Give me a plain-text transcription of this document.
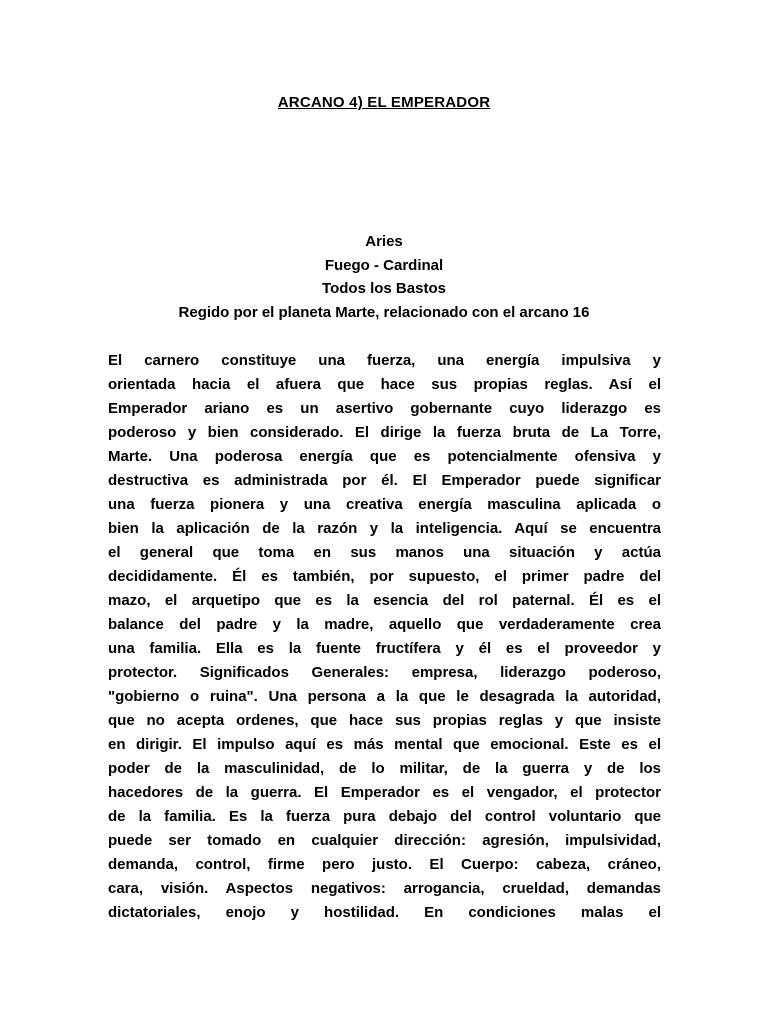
ARCANO 4) EL EMPERADOR
Aries
Fuego - Cardinal
Todos los Bastos
Regido por el planeta Marte, relacionado con el arcano 16
El carnero constituye una fuerza, una energía impulsiva y
orientada hacia el afuera que hace sus propias reglas. Así el
Emperador ariano es un asertivo gobernante cuyo liderazgo es
poderoso y bien considerado. El dirige la fuerza bruta de La Torre,
Marte. Una poderosa energía que es potencialmente ofensiva y
destructiva es administrada por él. El Emperador puede significar
una fuerza pionera y una creativa energía masculina aplicada o
bien la aplicación de la razón y la inteligencia. Aquí se encuentra
el general que toma en sus manos una situación y actúa
decididamente. Él es también, por supuesto, el primer padre del
mazo, el arquetipo que es la esencia del rol paternal. Él es el
balance del padre y la madre, aquello que verdaderamente crea
una familia. Ella es la fuente fructífera y él es el proveedor y
protector. Significados Generales: empresa, liderazgo poderoso,
"gobierno o ruina". Una persona a la que le desagrada la autoridad,
que no acepta ordenes, que hace sus propias reglas y que insiste
en dirigir. El impulso aquí es más mental que emocional. Este es el
poder de la masculinidad, de lo militar, de la guerra y de los
hacedores de la guerra. El Emperador es el vengador, el protector
de la familia. Es la fuerza pura debajo del control voluntario que
puede ser tomado en cualquier dirección: agresión, impulsividad,
demanda, control, firme pero justo. El Cuerpo: cabeza, cráneo,
cara, visión. Aspectos negativos: arrogancia, crueldad, demandas
dictatoriales, enojo y hostilidad. En condiciones malas el
